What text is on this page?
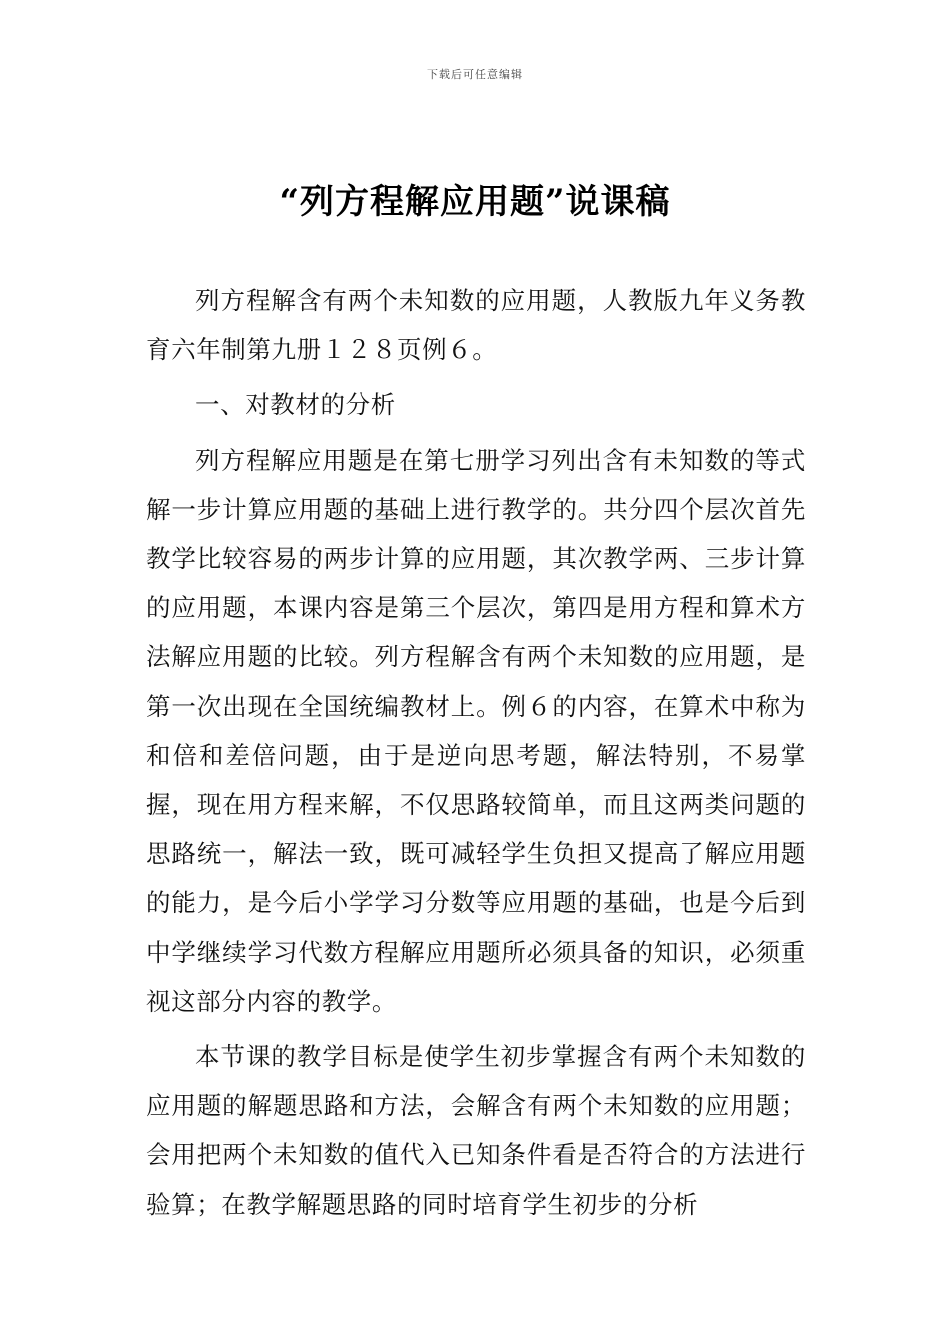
下载后可任意编辑
“列方程解应用题”说课稿

列方程解含有两个未知数的应用题，人教版九年义务教育六年制第九册１２８页例６。

一、对教材的分析

列方程解应用题是在第七册学习列出含有未知数的等式解一步计算应用题的基础上进行教学的。共分四个层次首先教学比较容易的两步计算的应用题，其次教学两、三步计算的应用题，本课内容是第三个层次，第四是用方程和算术方法解应用题的比较。列方程解含有两个未知数的应用题，是第一次出现在全国统编教材上。例６的内容，在算术中称为和倍和差倍问题，由于是逆向思考题，解法特别，不易掌握，现在用方程来解，不仅思路较简单，而且这两类问题的思路统一，解法一致，既可减轻学生负担又提高了解应用题的能力，是今后小学学习分数等应用题的基础，也是今后到中学继续学习代数方程解应用题所必须具备的知识，必须重视这部分内容的教学。

本节课的教学目标是使学生初步掌握含有两个未知数的应用题的解题思路和方法，会解含有两个未知数的应用题；会用把两个未知数的值代入已知条件看是否符合的方法进行验算；在教学解题思路的同时培育学生初步的分析
